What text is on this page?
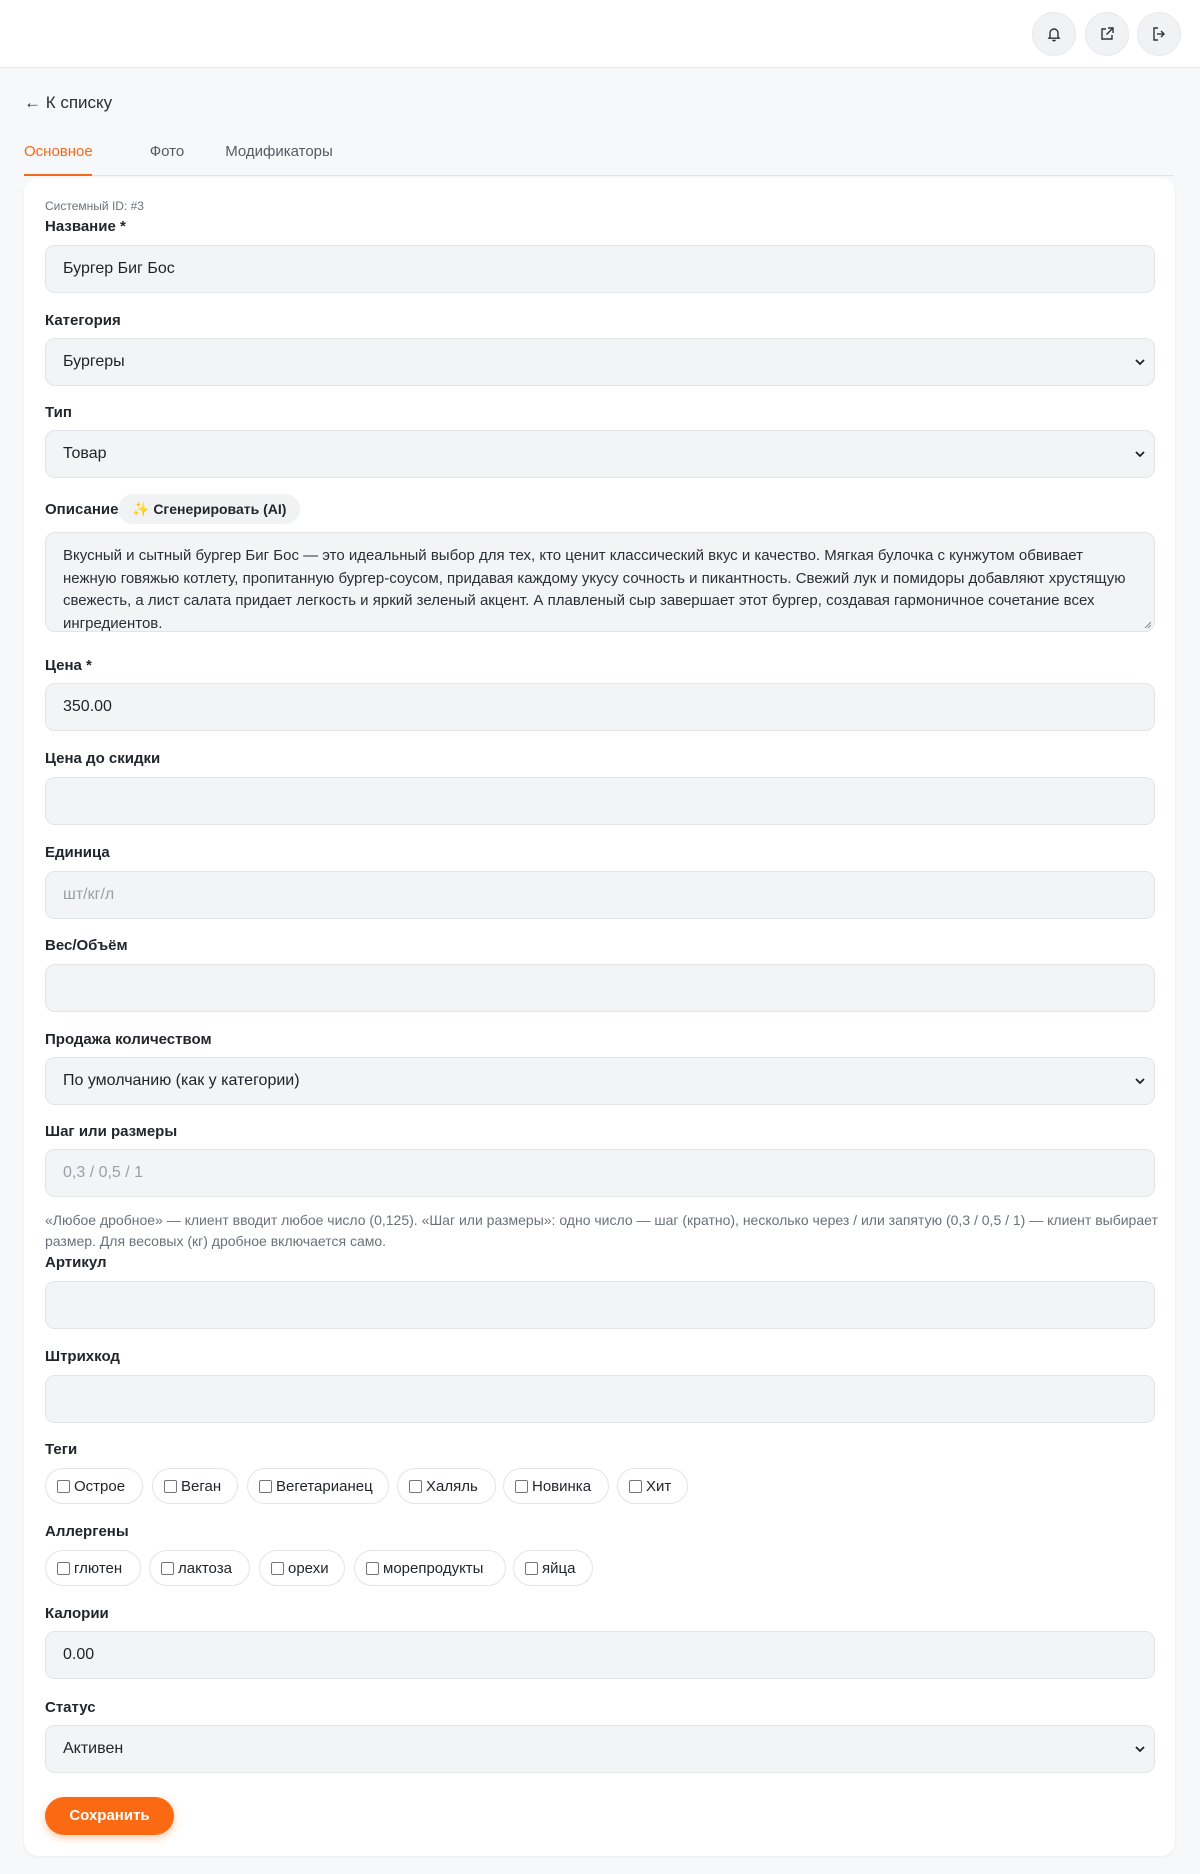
← К списку
Основное	Фото	Модификаторы
Системный ID: #3
Название *
Бургер Биг Бос
Категория
Бургеры
Тип
Товар
Описание ✨ Сгенерировать (AI)
Вкусный и сытный бургер Биг Бос — это идеальный выбор для тех, кто ценит классический вкус и качество. Мягкая булочка с кунжутом обвивает нежную говяжью котлету, пропитанную бургер-соусом, придавая каждому укусу сочность и пикантность. Свежий лук и помидоры добавляют хрустящую свежесть, а лист салата придает легкость и яркий зеленый акцент. А плавленый сыр завершает этот бургер, создавая гармоничное сочетание всех ингредиентов.
Цена *
350.00
Цена до скидки
Единица
шт/кг/л
Вес/Объём
Продажа количеством
По умолчанию (как у категории)
Шаг или размеры
0,3 / 0,5 / 1
«Любое дробное» — клиент вводит любое число (0,125). «Шаг или размеры»: одно число — шаг (кратно), несколько через / или запятую (0,3 / 0,5 / 1) — клиент выбирает размер. Для весовых (кг) дробное включается само.
Артикул
Штрихкод
Теги
Острое	Веган	Вегетарианец	Халяль	Новинка	Хит
Аллергены
глютен	лактоза	орехи	морепродукты	яйца
Калории
0.00
Статус
Активен
Сохранить
